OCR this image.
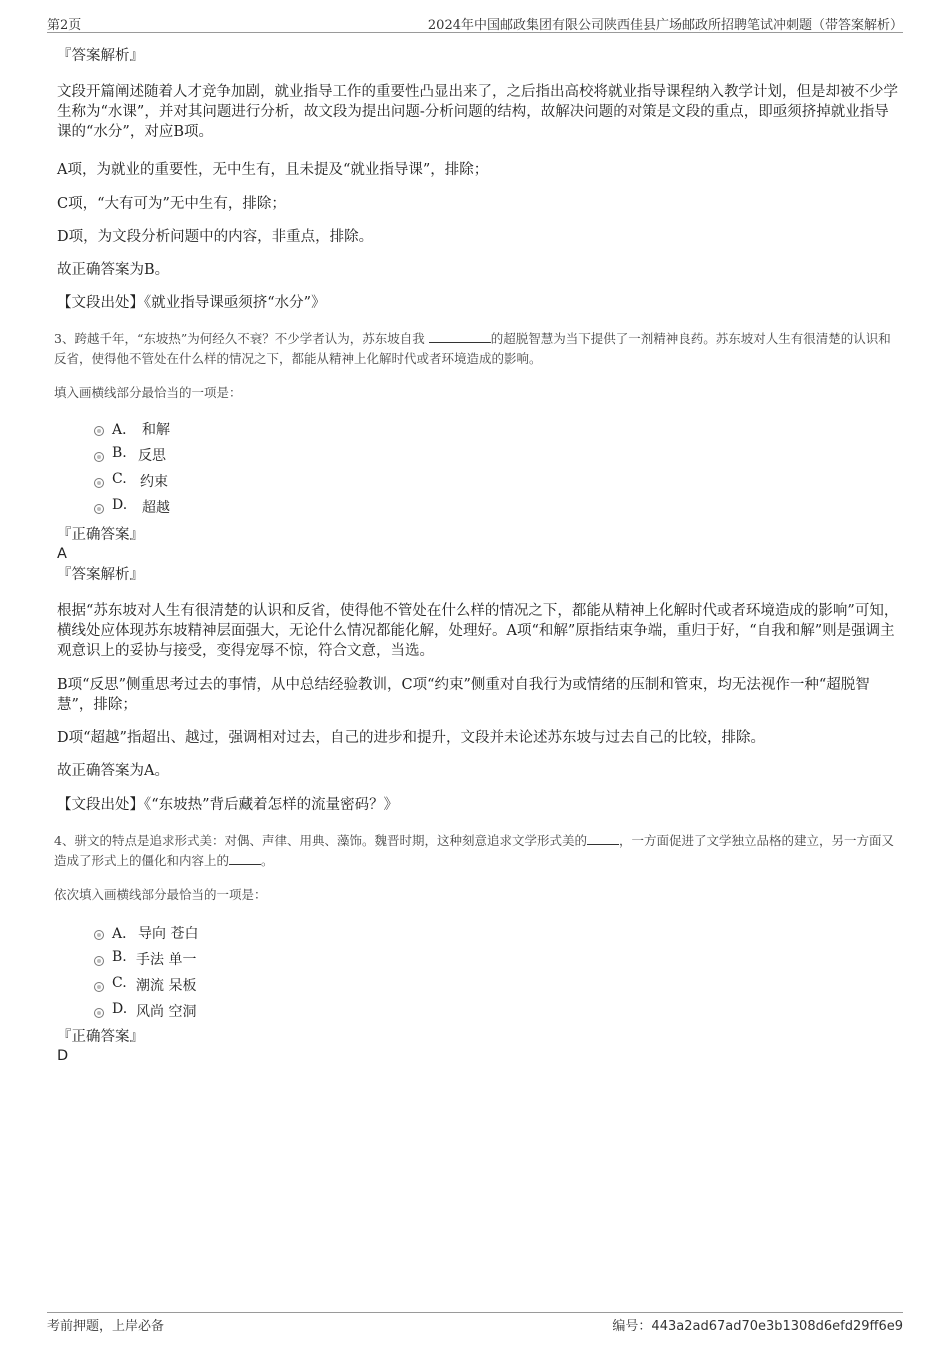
第2页	2024年中国邮政集团有限公司陕西佳县广场邮政所招聘笔试冲刺题（带答案解析）

『答案解析』

文段开篇阐述随着人才竞争加剧，就业指导工作的重要性凸显出来了，之后指出高校将就业指导课程纳入教学计划，但是却被不少学生称为“水课”，并对其问题进行分析，故文段为提出问题-分析问题的结构，故解决问题的对策是文段的重点，即亟须挤掉就业指导课的“水分”，对应B项。

A项，为就业的重要性，无中生有，且未提及“就业指导课”，排除；

C项，“大有可为”无中生有，排除；

D项，为文段分析问题中的内容，非重点，排除。

故正确答案为B。

【文段出处】《就业指导课亟须挤“水分”》

3、跨越千年，“东坡热”为何经久不衰？不少学者认为，苏东坡自我	的超脱智慧为当下提供了一剂精神良药。苏东坡对人生有很清楚的认识和反省，使得他不管处在什么样的情况之下，都能从精神上化解时代或者环境造成的影响。

填入画横线部分最恰当的一项是：

A． 和解
B. 反思
C. 约束
D. 超越

『正确答案』

A

『答案解析』

根据“苏东坡对人生有很清楚的认识和反省，使得他不管处在什么样的情况之下，都能从精神上化解时代或者环境造成的影响”可知，横线处应体现苏东坡精神层面强大，无论什么情况都能化解，处理好。A项“和解”原指结束争端，重归于好，“自我和解”则是强调主观意识上的妥协与接受，变得宠辱不惊，符合文意，当选。

B项“反思”侧重思考过去的事情，从中总结经验教训，C项“约束”侧重对自我行为或情绪的压制和管束，均无法视作一种“超脱智慧”，排除；

D项“超越”指超出、越过，强调相对过去，自己的进步和提升，文段并未论述苏东坡与过去自己的比较，排除。

故正确答案为A。

【文段出处】《“东坡热”背后藏着怎样的流量密码？》

4、骈文的特点是追求形式美：对偶、声律、用典、藻饰。魏晋时期，这种刻意追求文学形式美的	，一方面促进了文学独立品格的建立，另一方面又造成了形式上的僵化和内容上的	。

依次填入画横线部分最恰当的一项是：

A． 导向 苍白
B. 手法 单一
C. 潮流 呆板
D. 风尚 空洞

『正确答案』

D

考前押题，上岸必备	编号：443a2ad67ad70e3b1308d6efd29ff6e9
